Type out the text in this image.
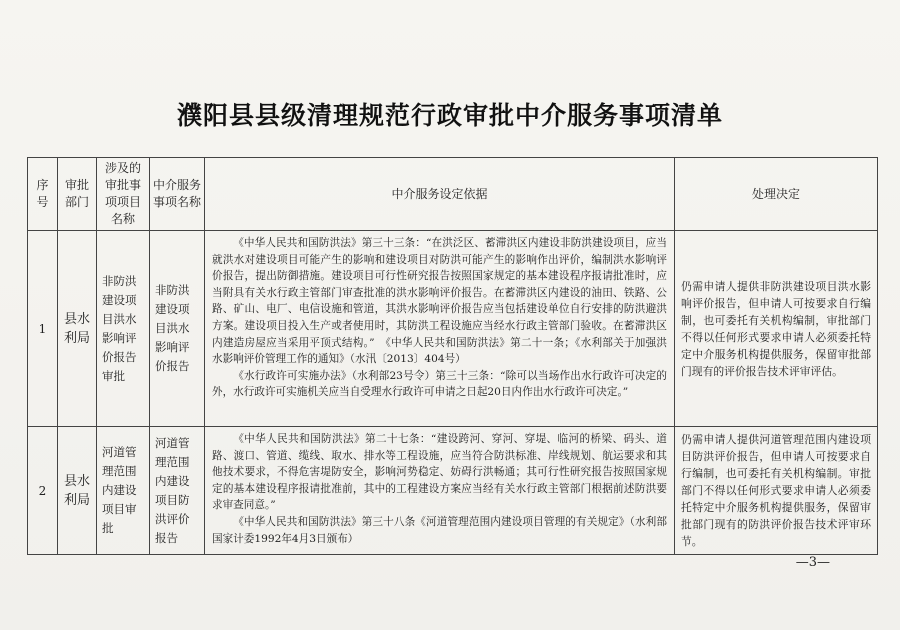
濮阳县县级清理规范行政审批中介服务事项清单
序号	审批部门	涉及的审批事项项目名称	中介服务事项名称	中介服务设定依据	处理决定
1	县水利局	非防洪建设项目洪水影响评价报告审批	非防洪建设项目洪水影响评价报告	《中华人民共和国防洪法》第三十三条：“在洪泛区、蓄滞洪区内建设非防洪建设项目，应当就洪水对建设项目可能产生的影响和建设项目对防洪可能产生的影响作出评价，编制洪水影响评价报告，提出防御措施。建设项目可行性研究报告按照国家规定的基本建设程序报请批准时，应当附具有关水行政主管部门审查批准的洪水影响评价报告。在蓄滞洪区内建设的油田、铁路、公路、矿山、电厂、电信设施和管道，其洪水影响评价报告应当包括建设单位自行安排的防洪避洪方案。建设项目投入生产或者使用时，其防洪工程设施应当经水行政主管部门验收。在蓄滞洪区内建造房屋应当采用平顶式结构。”　《中华人民共和国防洪法》第二十一条；《水利部关于加强洪水影响评价管理工作的通知》（水汛〔2013〕404号）

《水行政许可实施办法》（水利部23号令）第三十三条：“除可以当场作出水行政许可决定的外，水行政许可实施机关应当自受理水行政许可申请之日起20日内作出水行政许可决定。”	仍需申请人提供非防洪建设项目洪水影响评价报告，但申请人可按要求自行编制，也可委托有关机构编制，审批部门不得以任何形式要求申请人必须委托特定中介服务机构提供服务，保留审批部门现有的评价报告技术评审评估。
2	县水利局	河道管理范围内建设项目审批	河道管理范围内建设项目防洪评价报告	《中华人民共和国防洪法》第二十七条：“建设跨河、穿河、穿堤、临河的桥梁、码头、道路、渡口、管道、缆线、取水、排水等工程设施，应当符合防洪标准、岸线规划、航运要求和其他技术要求，不得危害堤防安全，影响河势稳定、妨碍行洪畅通；其可行性研究报告按照国家规定的基本建设程序报请批准前，其中的工程建设方案应当经有关水行政主管部门根据前述防洪要求审查同意。”

《中华人民共和国防洪法》第三十八条《河道管理范围内建设项目管理的有关规定》（水利部国家计委1992年4月3日颁布）	仍需申请人提供河道管理范围内建设项目防洪评价报告，但申请人可按要求自行编制，也可委托有关机构编制。审批部门不得以任何形式要求申请人必须委托特定中介服务机构提供服务，保留审批部门现有的防洪评价报告技术评审环节。
—3—
